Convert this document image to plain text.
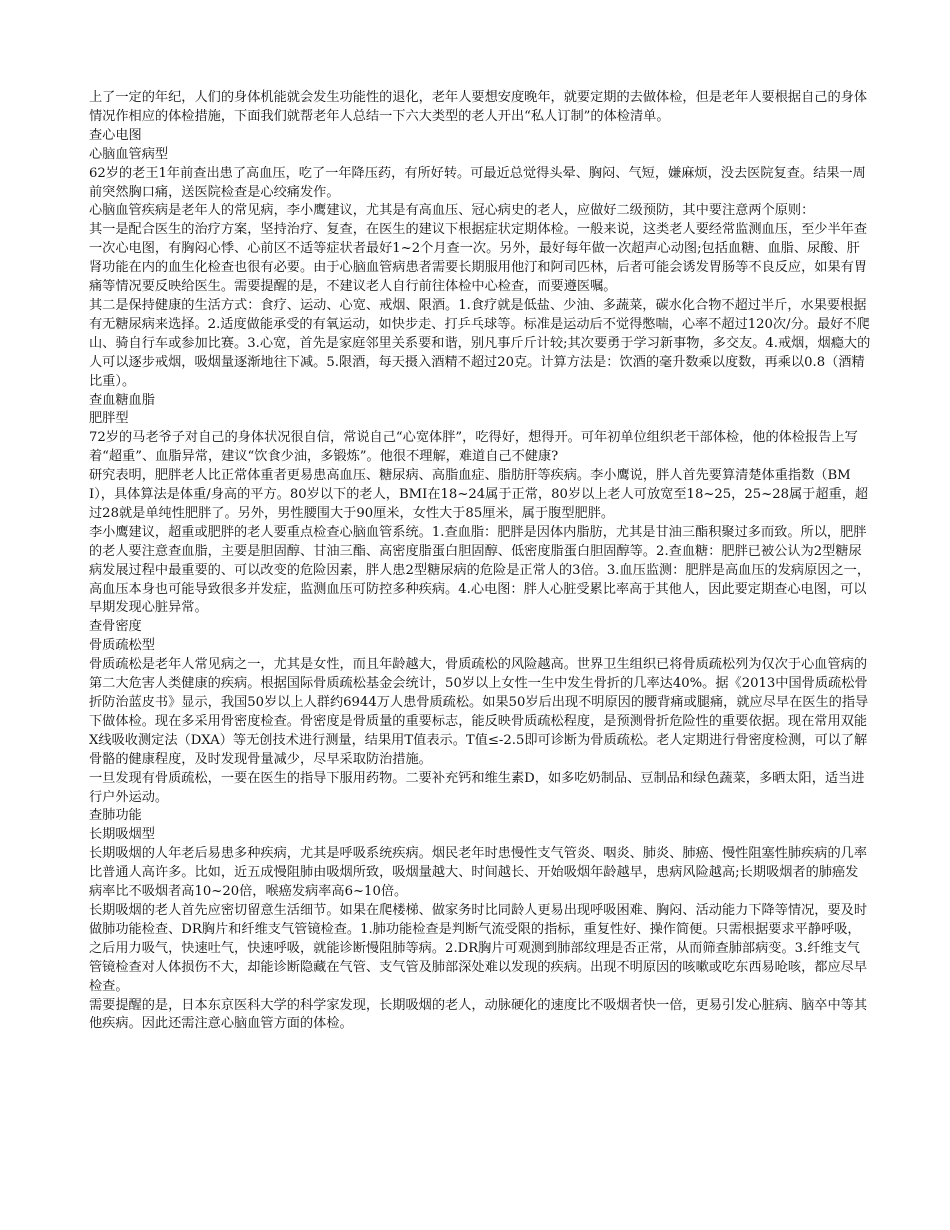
上了一定的年纪，人们的身体机能就会发生功能性的退化，老年人要想安度晚年，就要定期的去做体检，但是老年人要根据自己的身体情况作相应的体检措施，下面我们就帮老年人总结一下六大类型的老人开出“私人订制”的体检清单。

查心电图

心脑血管病型

62岁的老王1年前查出患了高血压，吃了一年降压药，有所好转。可最近总觉得头晕、胸闷、气短，嫌麻烦，没去医院复查。结果一周前突然胸口痛，送医院检查是心绞痛发作。

心脑血管疾病是老年人的常见病，李小鹰建议，尤其是有高血压、冠心病史的老人，应做好二级预防，其中要注意两个原则：

其一是配合医生的治疗方案，坚持治疗、复查，在医生的建议下根据症状定期体检。一般来说，这类老人要经常监测血压，至少半年查一次心电图，有胸闷心悸、心前区不适等症状者最好1~2个月查一次。另外，最好每年做一次超声心动图;包括血糖、血脂、尿酸、肝肾功能在内的血生化检查也很有必要。由于心脑血管病患者需要长期服用他汀和阿司匹林，后者可能会诱发胃肠等不良反应，如果有胃痛等情况要反映给医生。需要提醒的是，不建议老人自行前往体检中心检查，而要遵医嘱。

其二是保持健康的生活方式：食疗、运动、心宽、戒烟、限酒。1.食疗就是低盐、少油、多蔬菜，碳水化合物不超过半斤，水果要根据有无糖尿病来选择。2.适度做能承受的有氧运动，如快步走、打乒乓球等。标准是运动后不觉得憋喘，心率不超过120次/分。最好不爬山、骑自行车或参加比赛。3.心宽，首先是家庭邻里关系要和谐，别凡事斤斤计较;其次要勇于学习新事物，多交友。4.戒烟，烟瘾大的人可以逐步戒烟，吸烟量逐渐地往下减。5.限酒，每天摄入酒精不超过20克。计算方法是：饮酒的毫升数乘以度数，再乘以0.8（酒精比重）。

查血糖血脂

肥胖型

72岁的马老爷子对自己的身体状况很自信，常说自己“心宽体胖”，吃得好，想得开。可年初单位组织老干部体检，他的体检报告上写着“超重”、血脂异常，建议“饮食少油，多锻炼”。他很不理解，难道自己不健康?

研究表明，肥胖老人比正常体重者更易患高血压、糖尿病、高脂血症、脂肪肝等疾病。李小鹰说，胖人首先要算清楚体重指数（BMI），具体算法是体重/身高的平方。80岁以下的老人，BMI在18~24属于正常，80岁以上老人可放宽至18~25，25~28属于超重，超过28就是单纯性肥胖了。另外，男性腰围大于90厘米，女性大于85厘米，属于腹型肥胖。

李小鹰建议，超重或肥胖的老人要重点检查心脑血管系统。1.查血脂：肥胖是因体内脂肪，尤其是甘油三酯积聚过多而致。所以，肥胖的老人要注意查血脂，主要是胆固醇、甘油三酯、高密度脂蛋白胆固醇、低密度脂蛋白胆固醇等。2.查血糖：肥胖已被公认为2型糖尿病发展过程中最重要的、可以改变的危险因素，胖人患2型糖尿病的危险是正常人的3倍。3.血压监测：肥胖是高血压的发病原因之一，高血压本身也可能导致很多并发症，监测血压可防控多种疾病。4.心电图：胖人心脏受累比率高于其他人，因此要定期查心电图，可以早期发现心脏异常。

查骨密度

骨质疏松型

骨质疏松是老年人常见病之一，尤其是女性，而且年龄越大，骨质疏松的风险越高。世界卫生组织已将骨质疏松列为仅次于心血管病的第二大危害人类健康的疾病。根据国际骨质疏松基金会统计，50岁以上女性一生中发生骨折的几率达40%。据《2013中国骨质疏松骨折防治蓝皮书》显示，我国50岁以上人群约6944万人患骨质疏松。如果50岁后出现不明原因的腰背痛或腿痛，就应尽早在医生的指导下做体检。现在多采用骨密度检查。骨密度是骨质量的重要标志，能反映骨质疏松程度，是预测骨折危险性的重要依据。现在常用双能X线吸收测定法（DXA）等无创技术进行测量，结果用T值表示。T值≤-2.5即可诊断为骨质疏松。老人定期进行骨密度检测，可以了解骨骼的健康程度，及时发现骨量减少，尽早采取防治措施。

一旦发现有骨质疏松，一要在医生的指导下服用药物。二要补充钙和维生素D，如多吃奶制品、豆制品和绿色蔬菜，多晒太阳，适当进行户外运动。

查肺功能

长期吸烟型

长期吸烟的人年老后易患多种疾病，尤其是呼吸系统疾病。烟民老年时患慢性支气管炎、咽炎、肺炎、肺癌、慢性阻塞性肺疾病的几率比普通人高许多。比如，近五成慢阻肺由吸烟所致，吸烟量越大、时间越长、开始吸烟年龄越早，患病风险越高;长期吸烟者的肺癌发病率比不吸烟者高10~20倍，喉癌发病率高6~10倍。

长期吸烟的老人首先应密切留意生活细节。如果在爬楼梯、做家务时比同龄人更易出现呼吸困难、胸闷、活动能力下降等情况，要及时做肺功能检查、DR胸片和纤维支气管镜检查。1.肺功能检查是判断气流受限的指标，重复性好、操作简便。只需根据要求平静呼吸，之后用力吸气，快速吐气，快速呼吸，就能诊断慢阻肺等病。2.DR胸片可观测到肺部纹理是否正常，从而筛查肺部病变。3.纤维支气管镜检查对人体损伤不大，却能诊断隐藏在气管、支气管及肺部深处难以发现的疾病。出现不明原因的咳嗽或吃东西易呛咳，都应尽早检查。

需要提醒的是，日本东京医科大学的科学家发现，长期吸烟的老人，动脉硬化的速度比不吸烟者快一倍，更易引发心脏病、脑卒中等其他疾病。因此还需注意心脑血管方面的体检。
